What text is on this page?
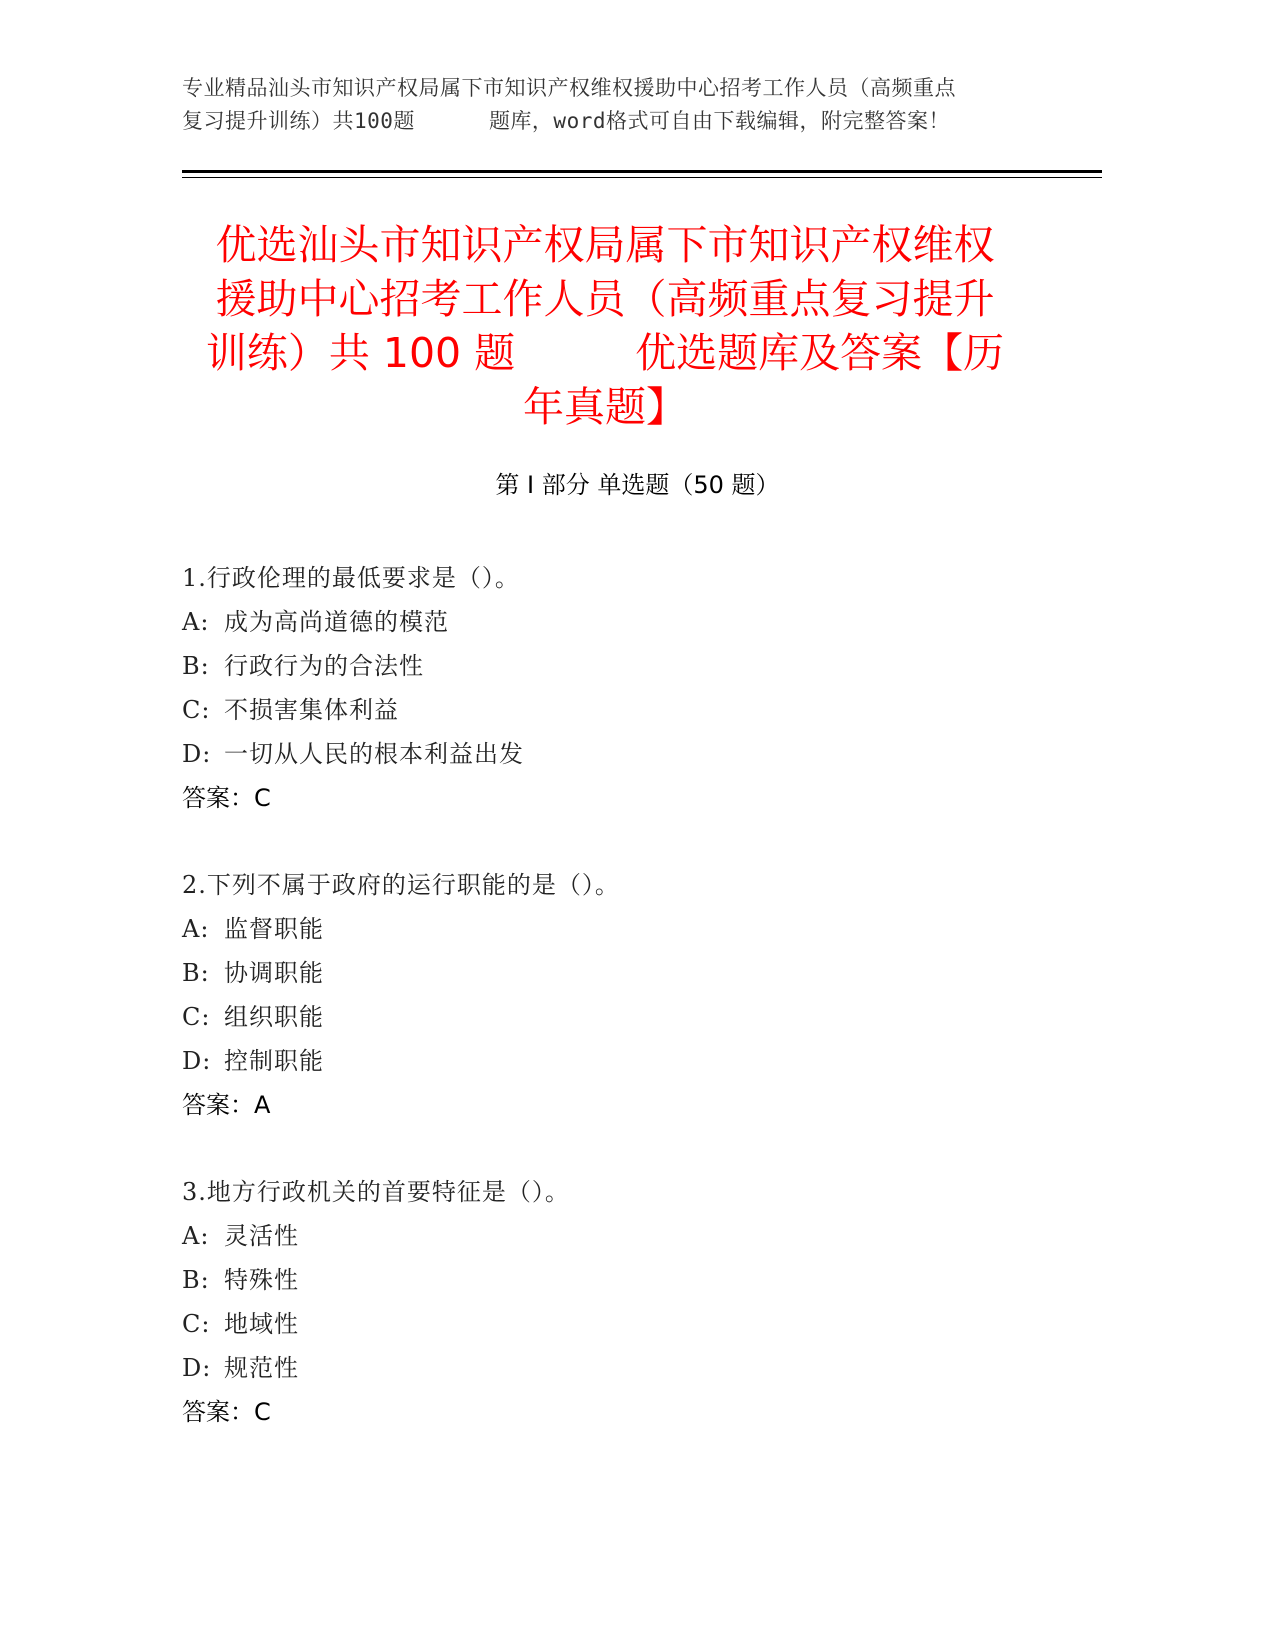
专业精品汕头市知识产权局属下市知识产权维权援助中心招考工作人员（高频重点
复习提升训练）共100题	题库，word格式可自由下载编辑，附完整答案！
优选汕头市知识产权局属下市知识产权维权
援助中心招考工作人员（高频重点复习提升
训练）共 100 题	优选题库及答案【历
年真题】
第 I 部分 单选题（50 题）
1.行政伦理的最低要求是（）。
A: 成为高尚道德的模范
B: 行政行为的合法性
C: 不损害集体利益
D: 一切从人民的根本利益出发
答案：C
2.下列不属于政府的运行职能的是（）。
A: 监督职能
B: 协调职能
C: 组织职能
D: 控制职能
答案：A
3.地方行政机关的首要特征是（）。
A: 灵活性
B: 特殊性
C: 地域性
D: 规范性
答案：C
